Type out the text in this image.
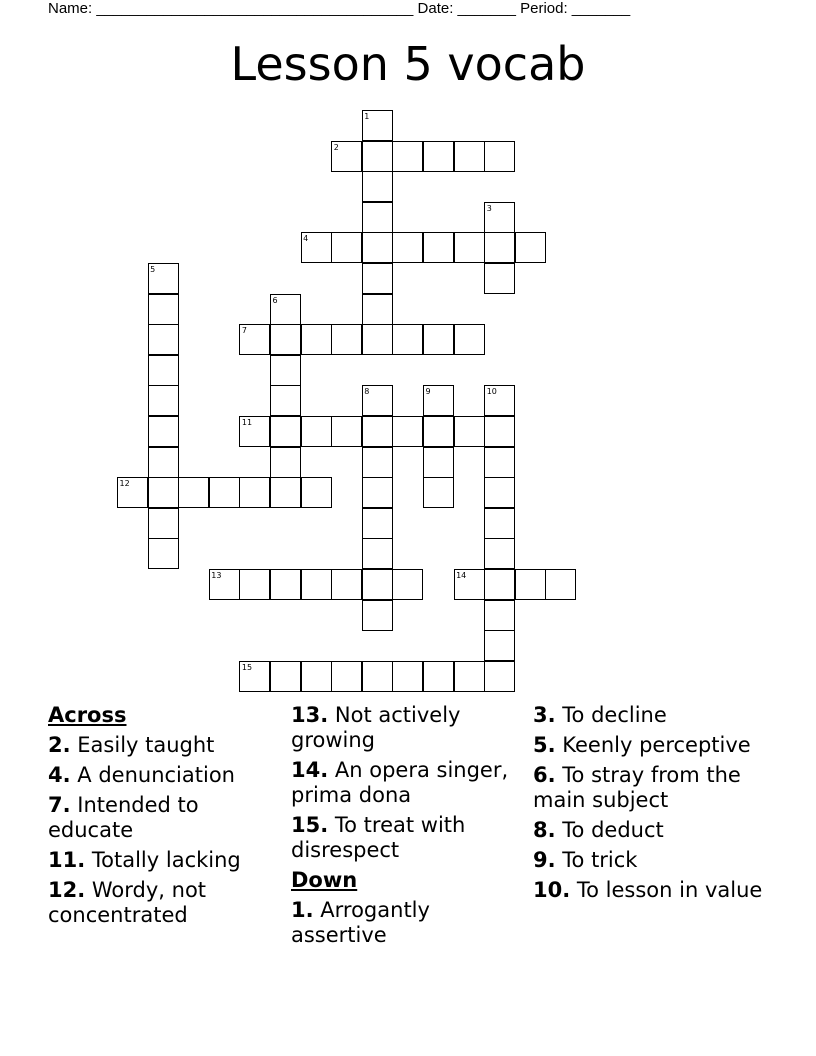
Name: ______________________________________ Date: _______ Period: _______
Lesson 5 vocab
1
2
3
4
5
6
7
8	9	10
11
12
13	14
15
Across
2. Easily taught
4. A denunciation
7. Intended to educate
11. Totally lacking
12. Wordy, not concentrated
13. Not actively growing
14. An opera singer, prima dona
15. To treat with disrespect
Down
1. Arrogantly assertive
3. To decline
5. Keenly perceptive
6. To stray from the main subject
8. To deduct
9. To trick
10. To lesson in value
